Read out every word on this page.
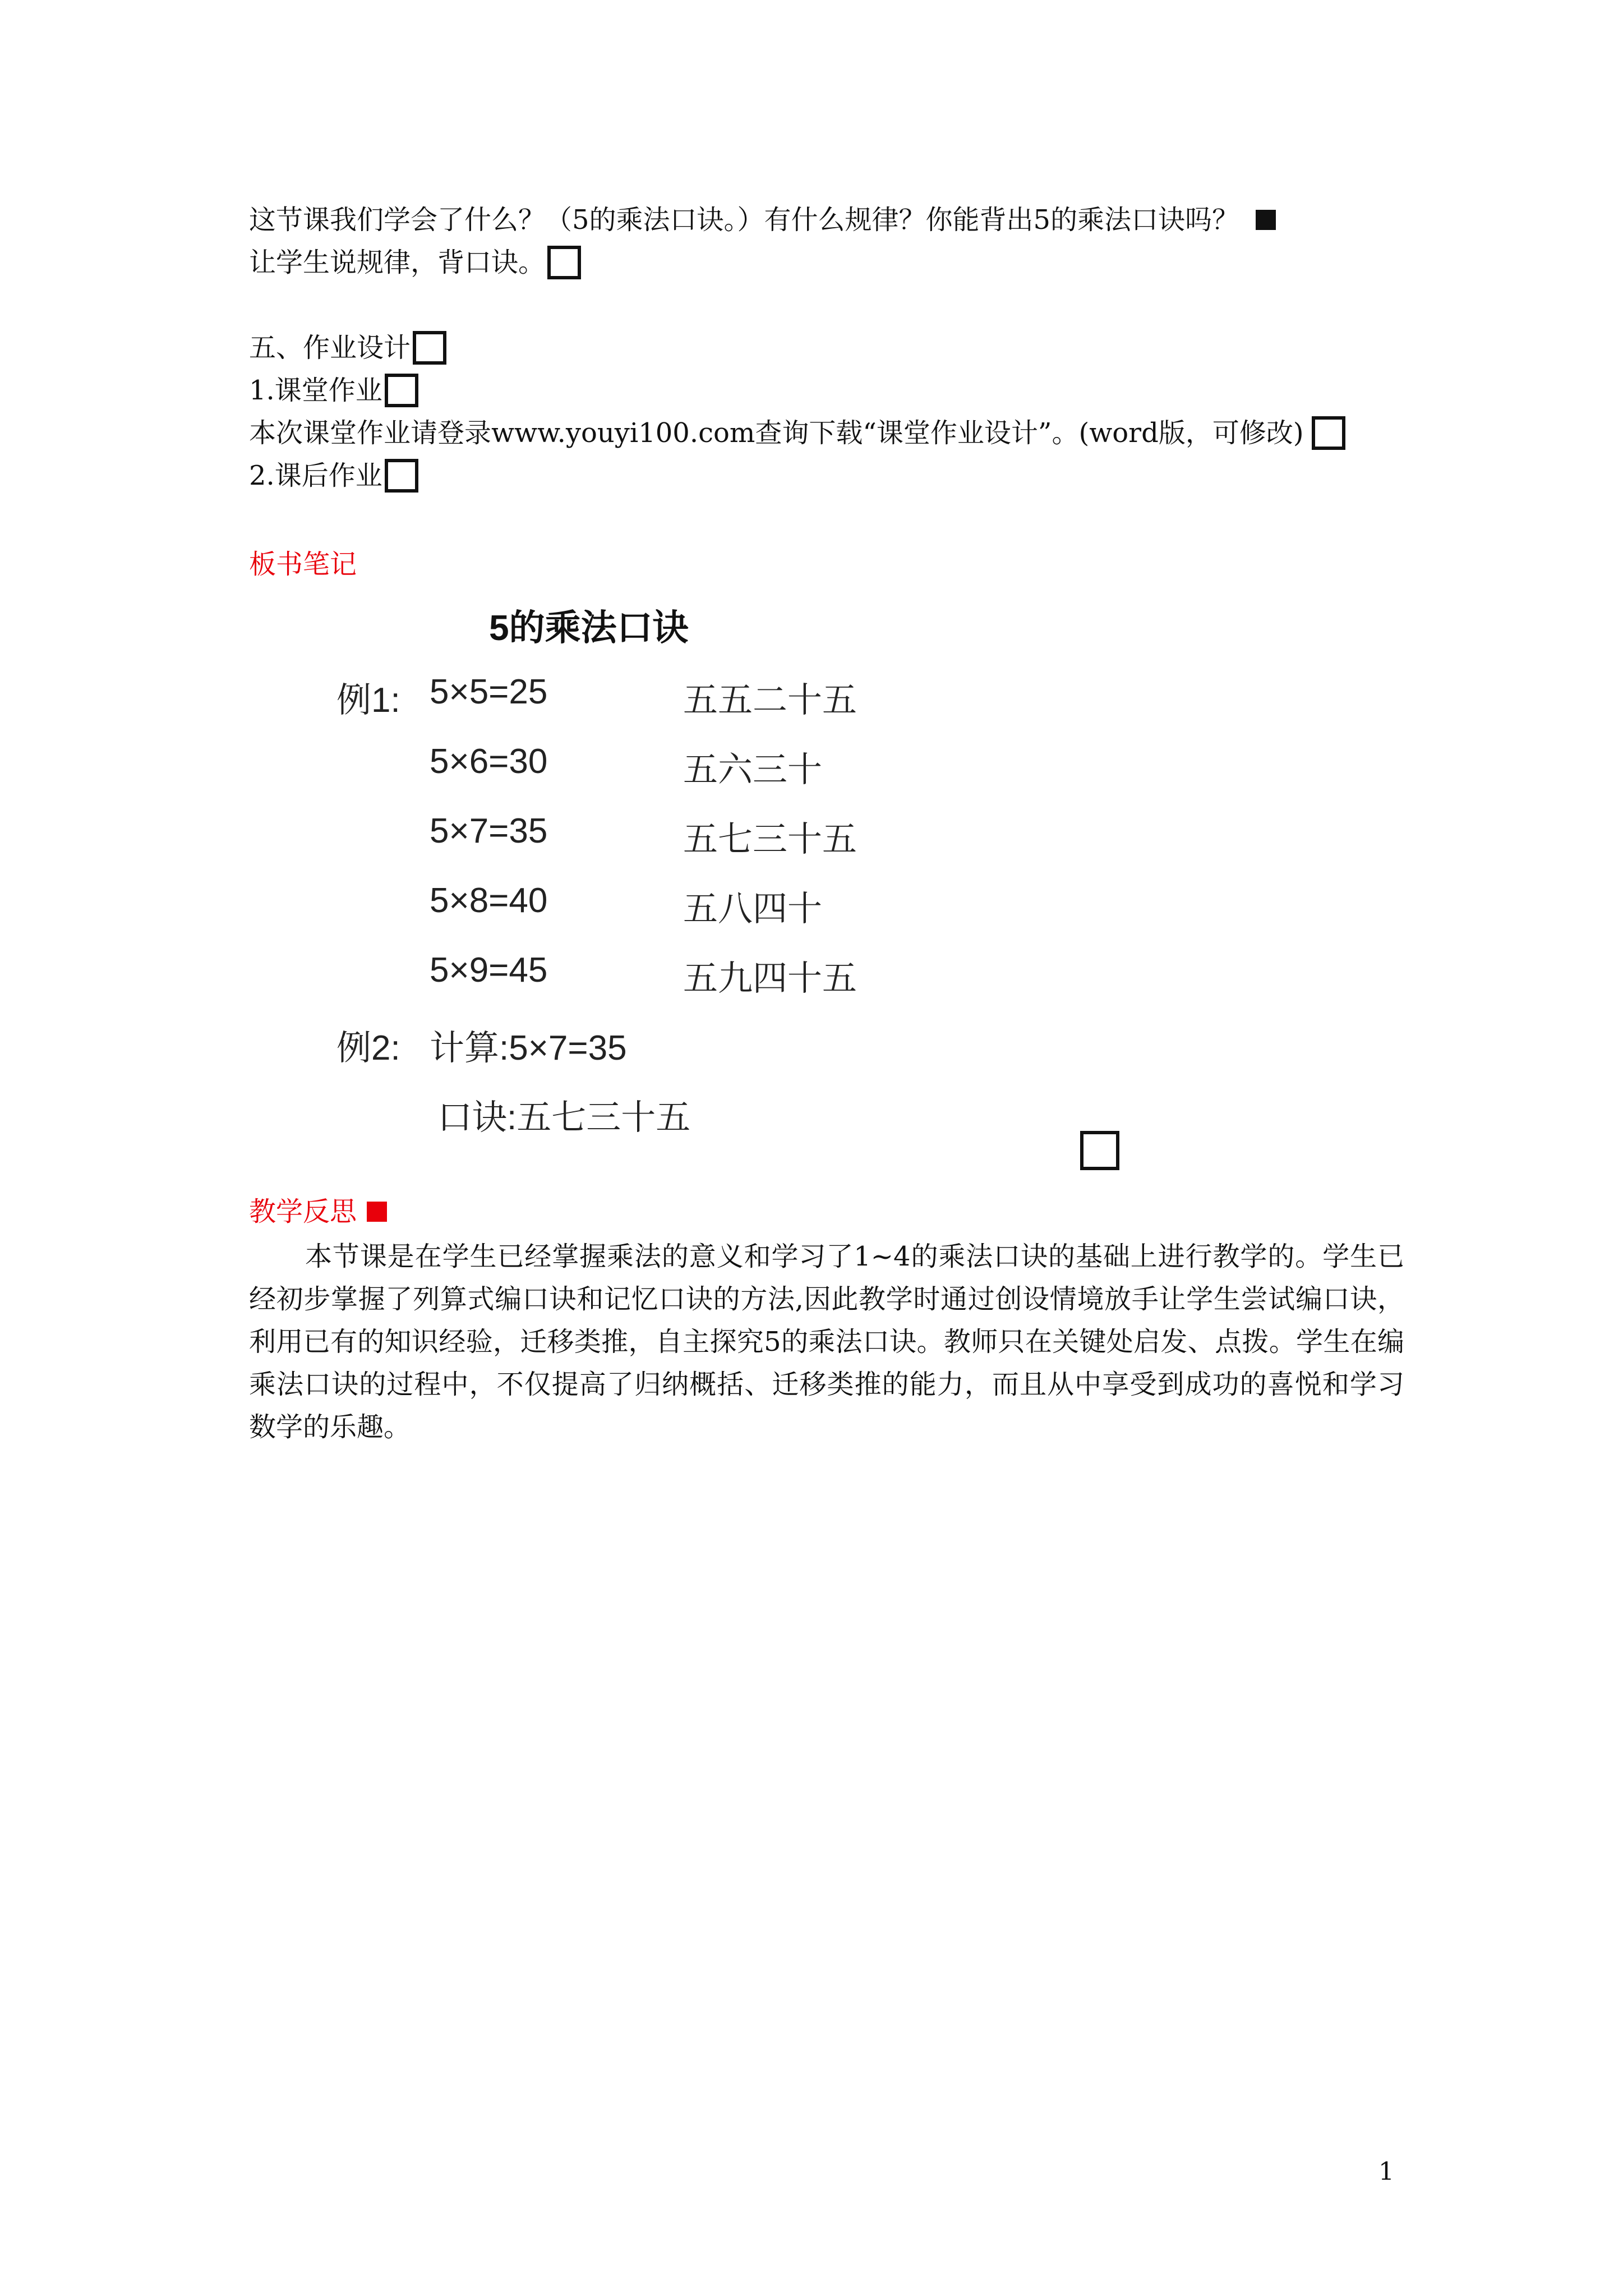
这节课我们学会了什么？（5的乘法口诀。）有什么规律？你能背出5的乘法口诀吗？
让学生说规律，背口诀。
五、作业设计
1.课堂作业
本次课堂作业请登录www.youyi100.com查询下载“课堂作业设计”。(word版，可修改)
2.课后作业
板书笔记
5的乘法口诀
例1: 5×5=25	五五二十五
5×6=30	五六三十
5×7=35	五七三十五
5×8=40	五八四十
5×9=45	五九四十五
例2: 计算:5×7=35
口诀:五七三十五
教学反思
本节课是在学生已经掌握乘法的意义和学习了1~4的乘法口诀的基础上进行教学的。学生已经初步掌握了列算式编口诀和记忆口诀的方法,因此教学时通过创设情境放手让学生尝试编口诀，利用已有的知识经验，迁移类推，自主探究5的乘法口诀。教师只在关键处启发、点拨。学生在编乘法口诀的过程中，不仅提高了归纳概括、迁移类推的能力，而且从中享受到成功的喜悦和学习数学的乐趣。
1
